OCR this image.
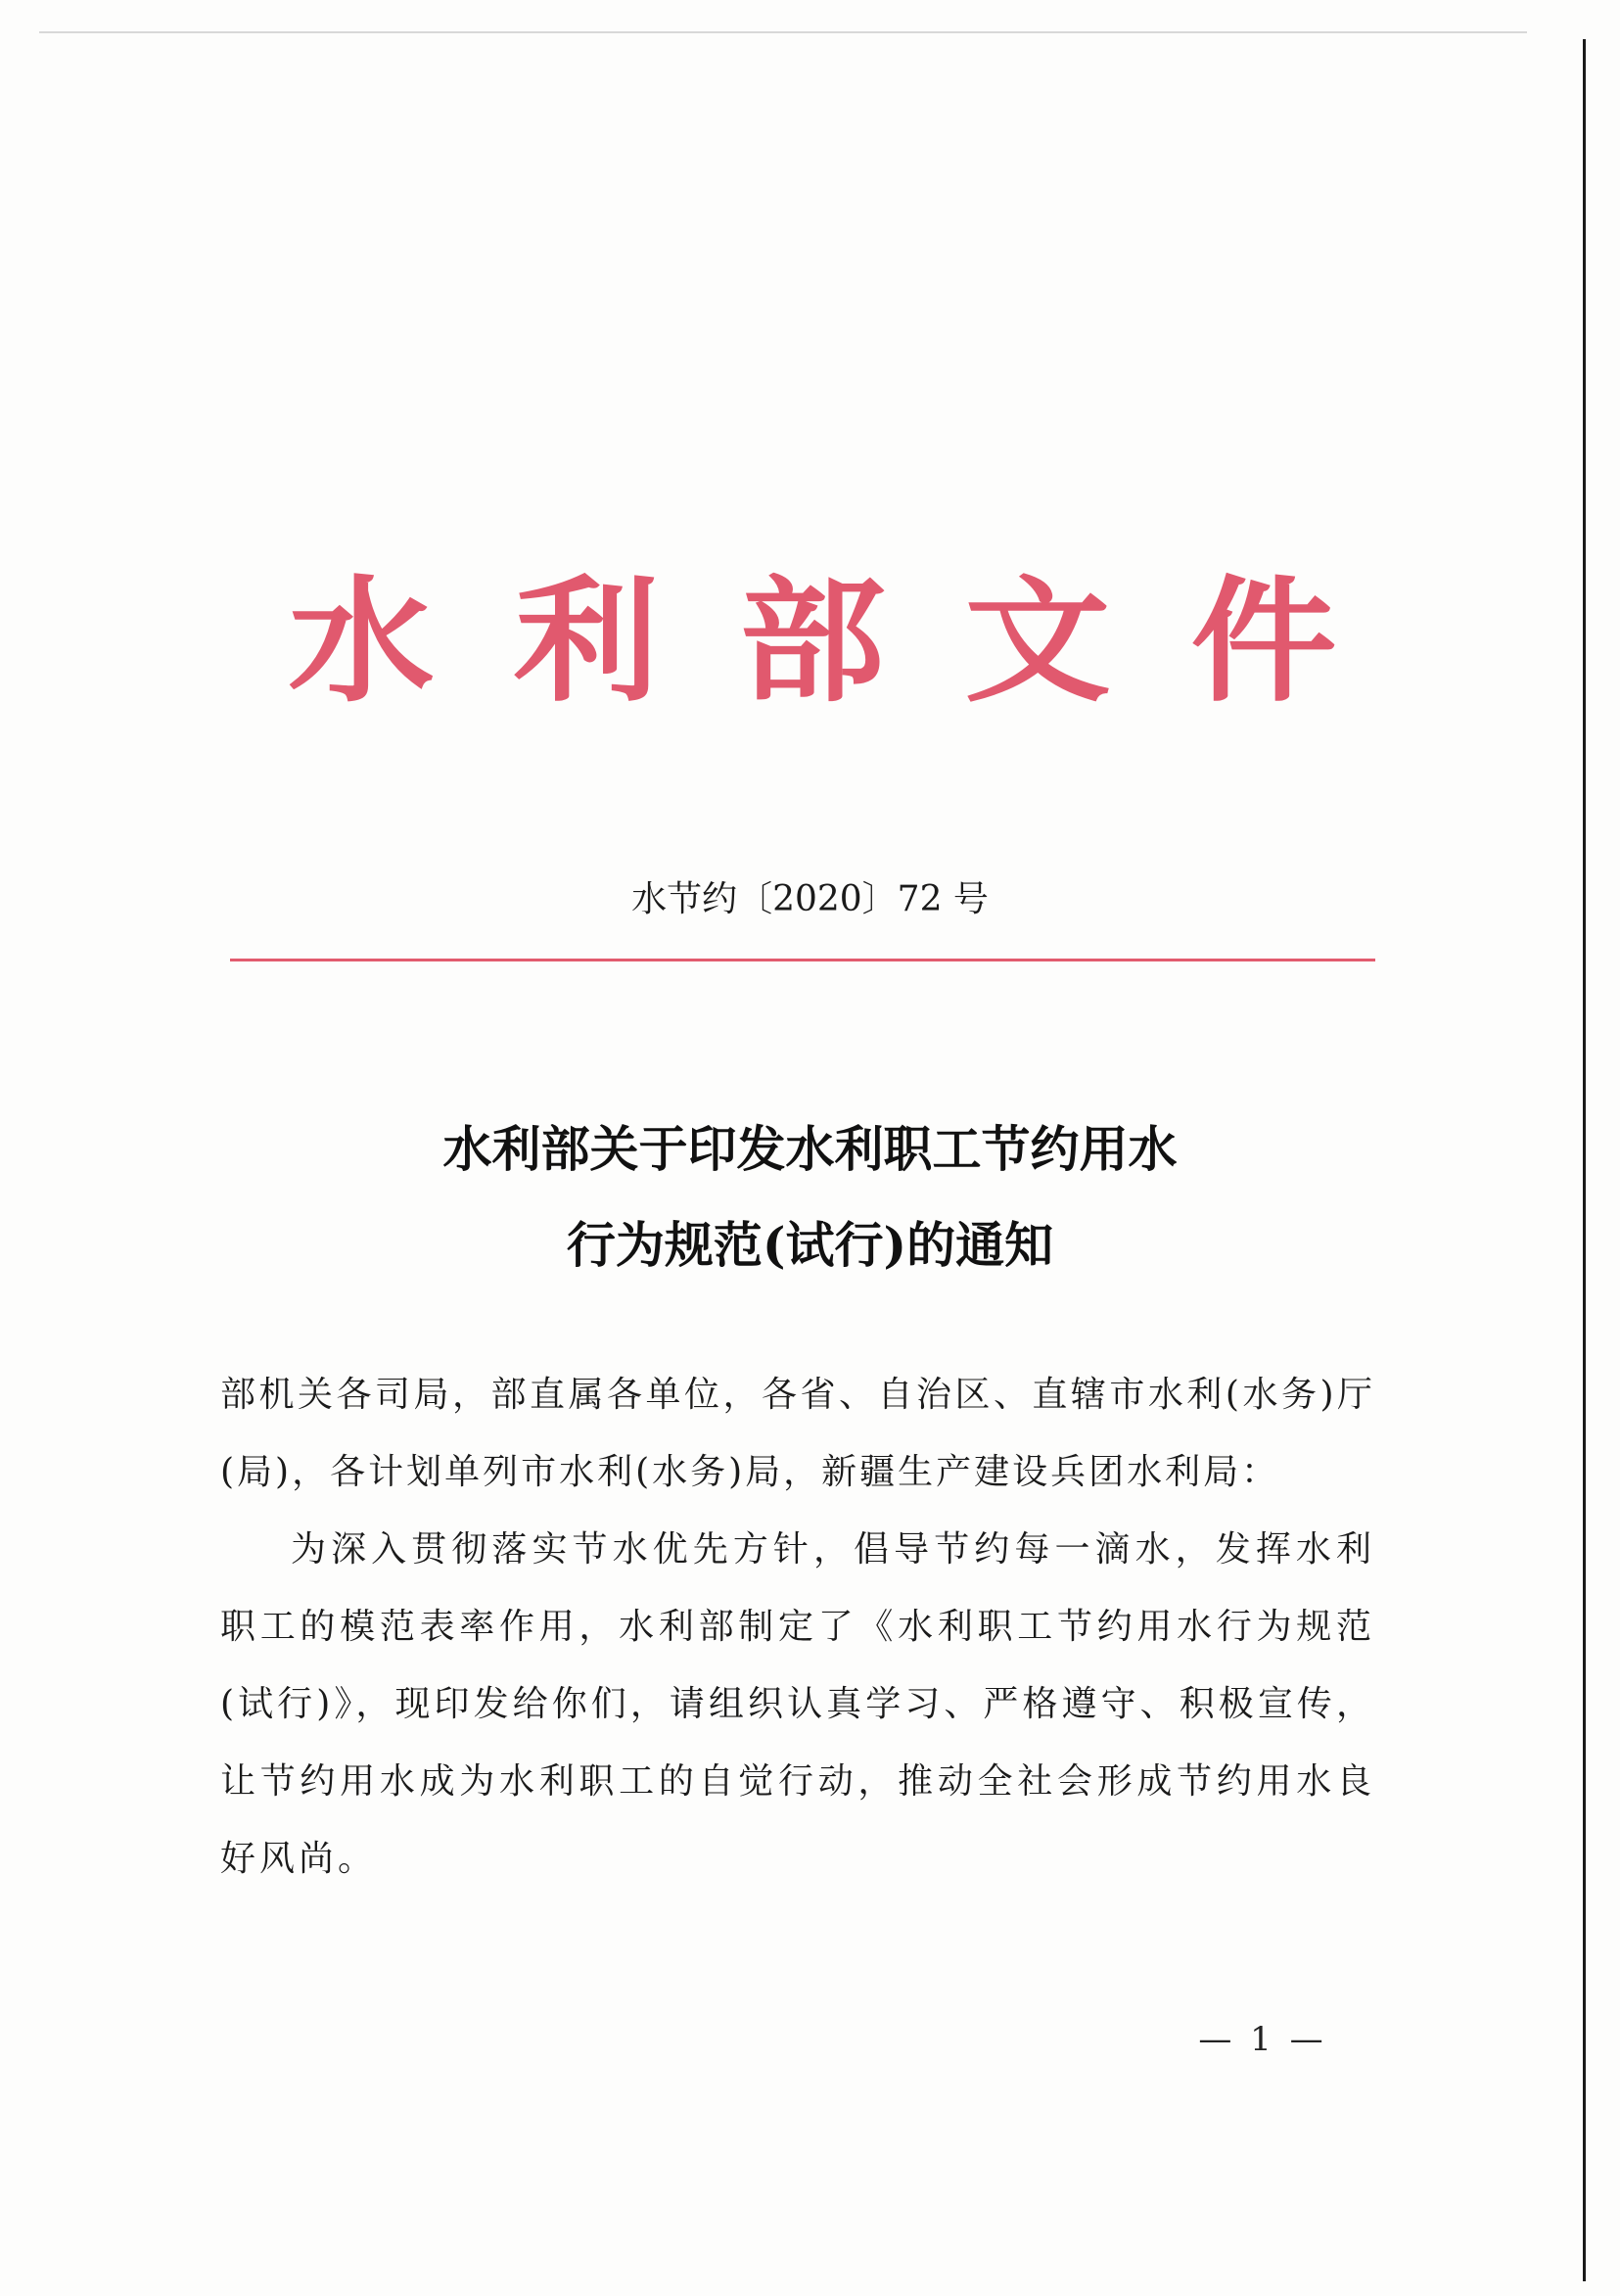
水 利 部 文 件
水节约〔2020〕72 号
水利部关于印发水利职工节约用水
行为规范(试行)的通知

部机关各司局，部直属各单位，各省、自治区、直辖市水利(水务)厅(局)，各计划单列市水利(水务)局，新疆生产建设兵团水利局：

为深入贯彻落实节水优先方针，倡导节约每一滴水，发挥水利职工的模范表率作用，水利部制定了《水利职工节约用水行为规范(试行)》，现印发给你们，请组织认真学习、严格遵守、积极宣传，让节约用水成为水利职工的自觉行动，推动全社会形成节约用水良好风尚。

— 1 —
